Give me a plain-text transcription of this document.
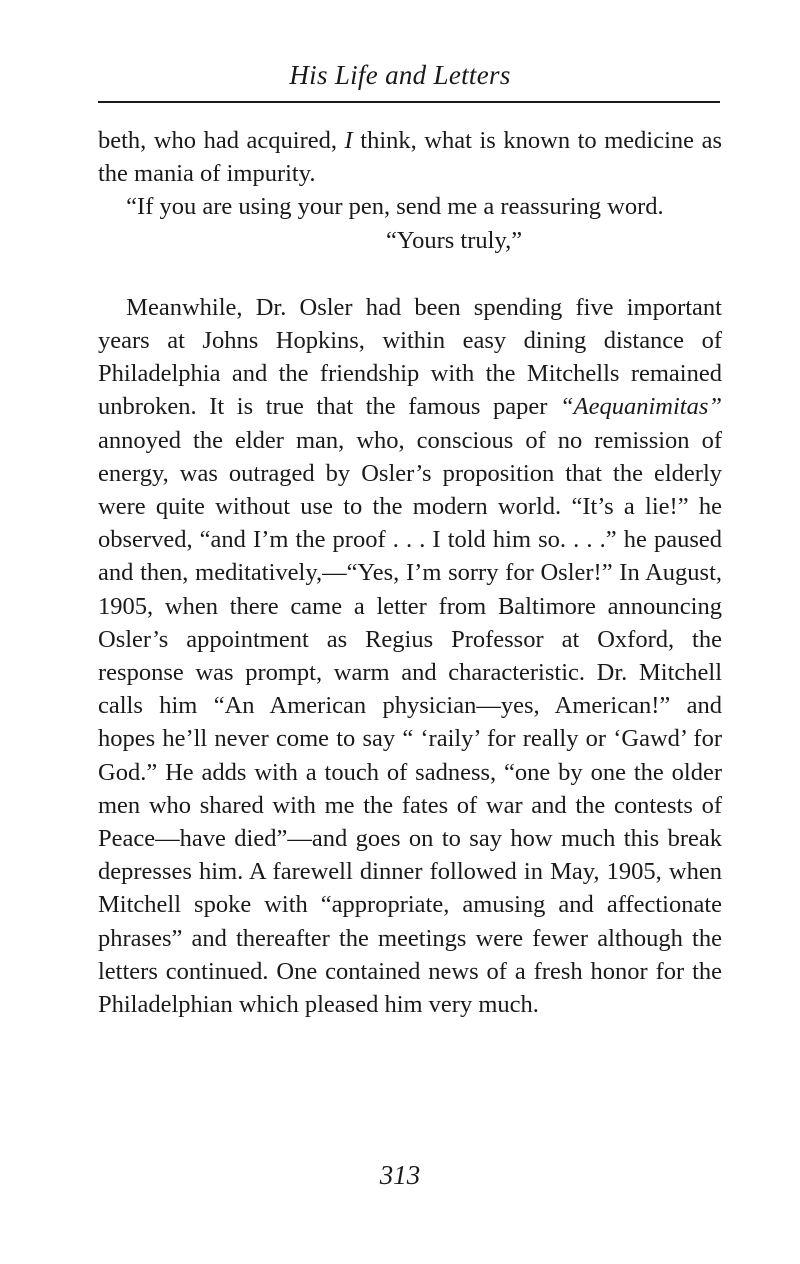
His Life and Letters

beth, who had acquired, I think, what is known to medicine as the mania of impurity.

“If you are using your pen, send me a reassuring word.

“Yours truly,”

Meanwhile, Dr. Osler had been spending five important years at Johns Hopkins, within easy dining distance of Philadelphia and the friendship with the Mitchells remained unbroken. It is true that the famous paper “Aequanimitas” annoyed the elder man, who, conscious of no remission of energy, was outraged by Osler’s proposition that the elderly were quite without use to the modern world. “It’s a lie!” he observed, “and I’m the proof . . . I told him so. . . .” he paused and then, meditatively,—“Yes, I’m sorry for Osler!” In August, 1905, when there came a letter from Baltimore announcing Osler’s appointment as Regius Professor at Oxford, the response was prompt, warm and characteristic. Dr. Mitchell calls him “An American physician—yes, American!” and hopes he’ll never come to say “ ‘raily’ for really or ‘Gawd’ for God.” He adds with a touch of sadness, “one by one the older men who shared with me the fates of war and the contests of Peace—have died”—and goes on to say how much this break depresses him. A farewell dinner followed in May, 1905, when Mitchell spoke with “appropriate, amusing and affectionate phrases” and thereafter the meetings were fewer although the letters continued. One contained news of a fresh honor for the Philadelphian which pleased him very much.

313
